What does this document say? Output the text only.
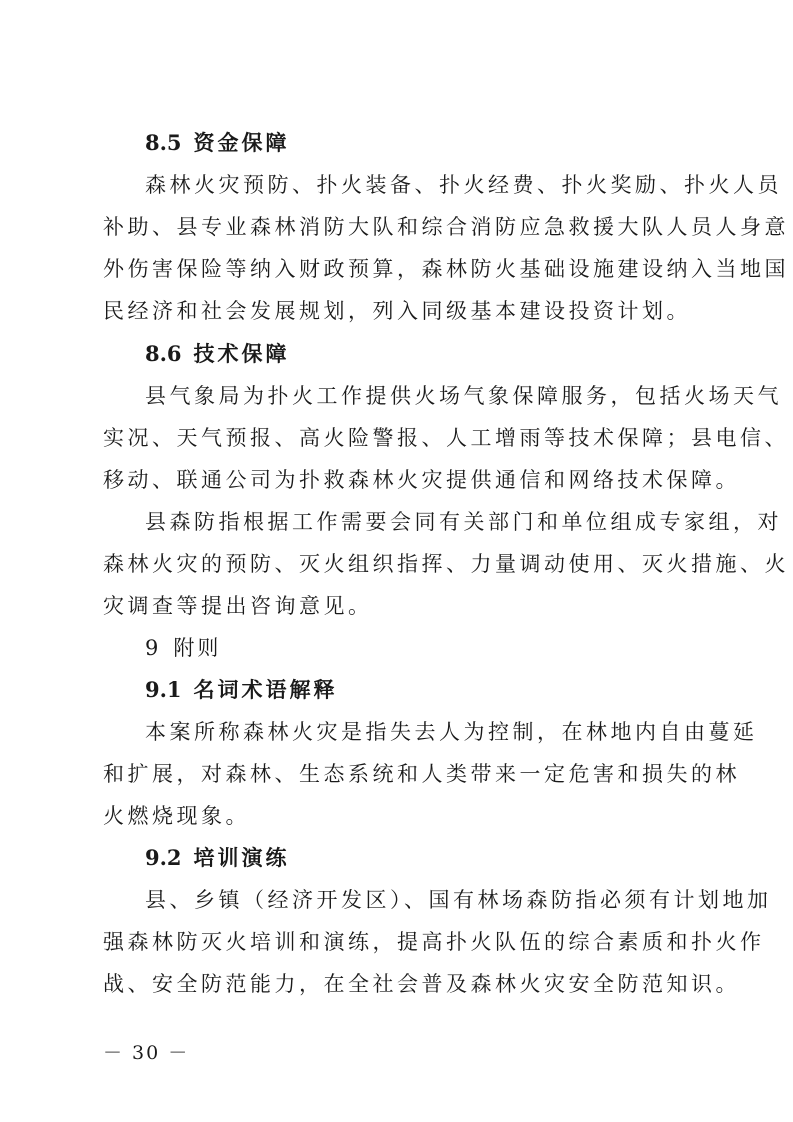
8.5 资金保障
森林火灾预防、扑火装备、扑火经费、扑火奖励、扑火人员
补助、县专业森林消防大队和综合消防应急救援大队人员人身意
外伤害保险等纳入财政预算，森林防火基础设施建设纳入当地国
民经济和社会发展规划，列入同级基本建设投资计划。
8.6 技术保障
县气象局为扑火工作提供火场气象保障服务，包括火场天气
实况、天气预报、高火险警报、人工增雨等技术保障；县电信、
移动、联通公司为扑救森林火灾提供通信和网络技术保障。
县森防指根据工作需要会同有关部门和单位组成专家组，对
森林火灾的预防、灭火组织指挥、力量调动使用、灭火措施、火
灾调查等提出咨询意见。
9 附则
9.1 名词术语解释
本案所称森林火灾是指失去人为控制，在林地内自由蔓延
和扩展，对森林、生态系统和人类带来一定危害和损失的林
火燃烧现象。
9.2 培训演练
县、乡镇（经济开发区）、国有林场森防指必须有计划地加
强森林防灭火培训和演练，提高扑火队伍的综合素质和扑火作
战、安全防范能力，在全社会普及森林火灾安全防范知识。
－ 30 －
